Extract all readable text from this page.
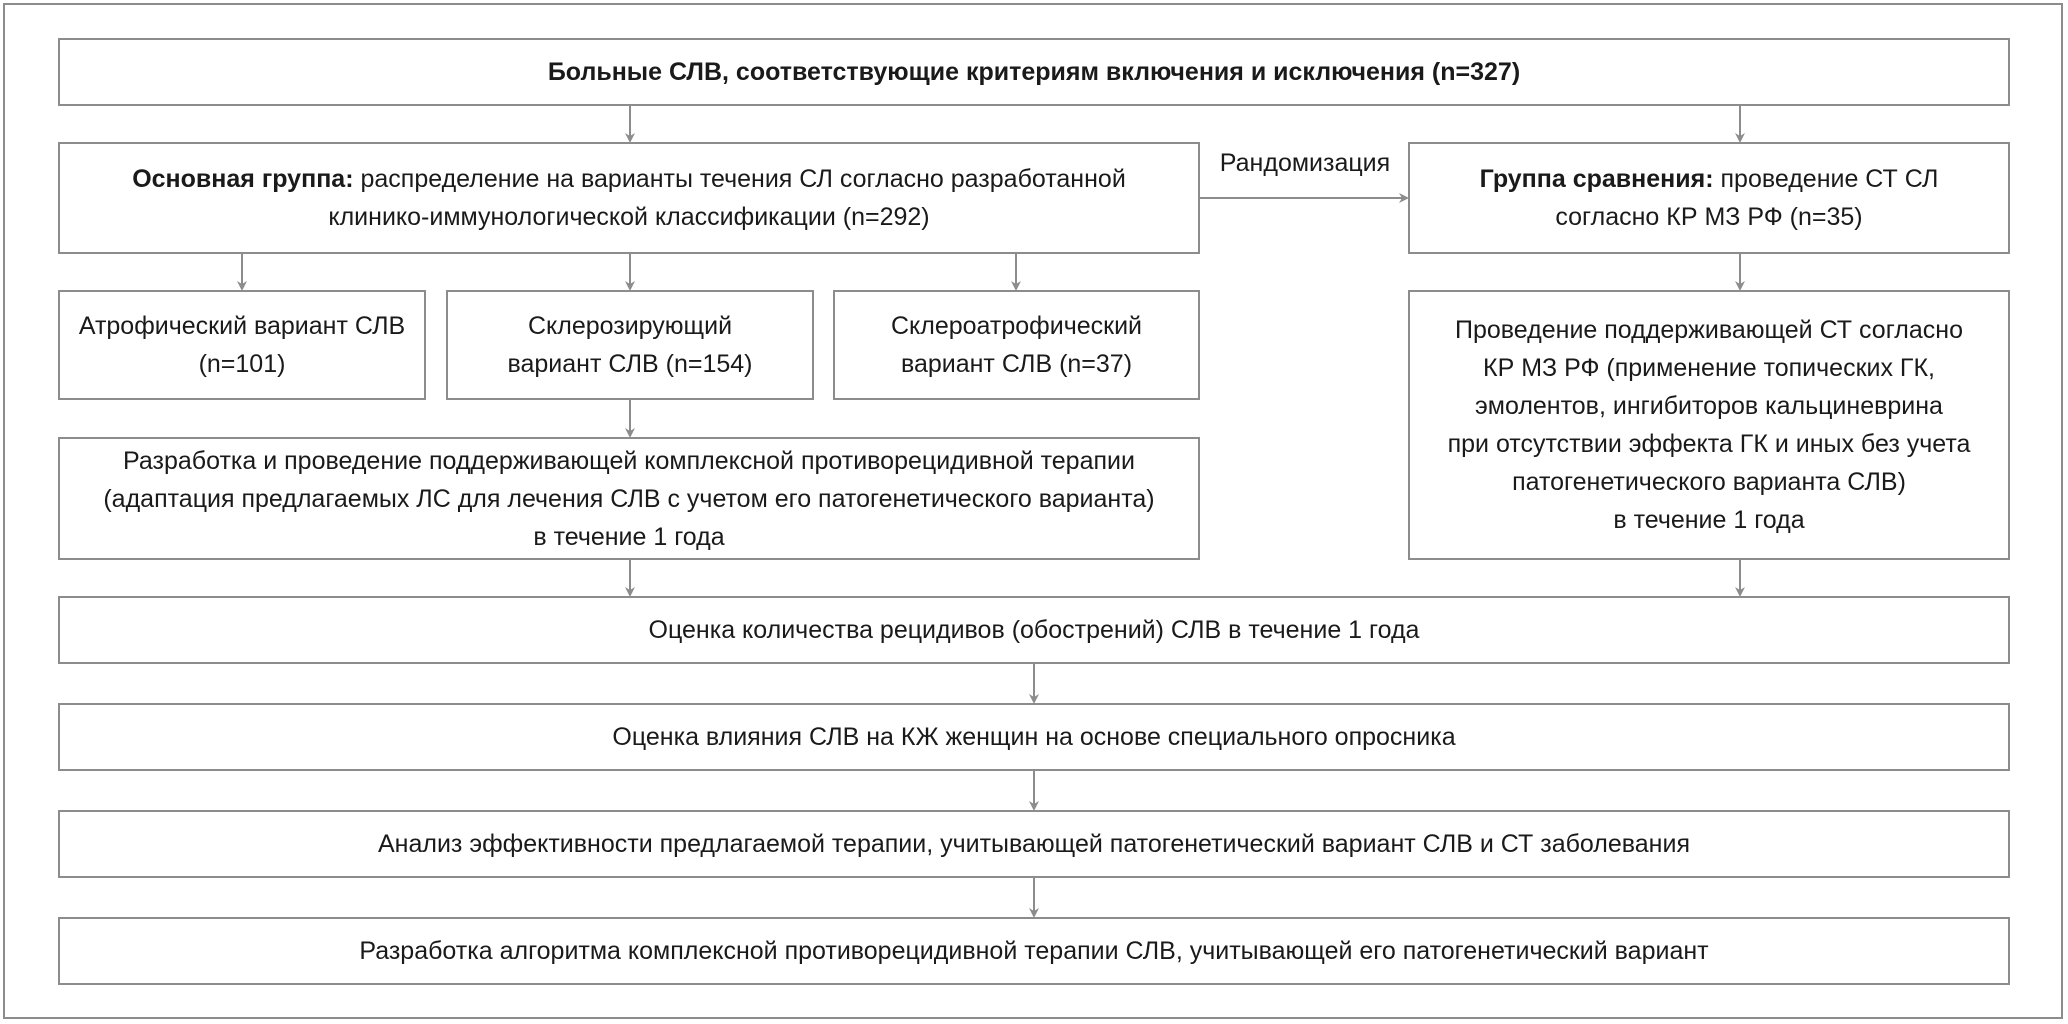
Больные СЛВ, соответствующие критериям включения и исключения (n=327)
Основная группа: распределение на варианты течения СЛ согласно разработанной
клинико-иммунологической классификации (n=292)
Рандомизация
Группа сравнения: проведение СТ СЛ
согласно КР МЗ РФ (n=35)
Атрофический вариант СЛВ
(n=101)
Склерозирующий
вариант СЛВ (n=154)
Склероатрофический
вариант СЛВ (n=37)
Разработка и проведение поддерживающей комплексной противорецидивной терапии
(адаптация предлагаемых ЛС для лечения СЛВ с учетом его патогенетического варианта)
в течение 1 года
Проведение поддерживающей СТ согласно
КР МЗ РФ (применение топических ГК,
эмолентов, ингибиторов кальциневрина
при отсутствии эффекта ГК и иных без учета
патогенетического варианта СЛВ)
в течение 1 года
Оценка количества рецидивов (обострений) СЛВ в течение 1 года
Оценка влияния СЛВ на КЖ женщин на основе специального опросника
Анализ эффективности предлагаемой терапии, учитывающей патогенетический вариант СЛВ и СТ заболевания
Разработка алгоритма комплексной противорецидивной терапии СЛВ, учитывающей его патогенетический вариант
